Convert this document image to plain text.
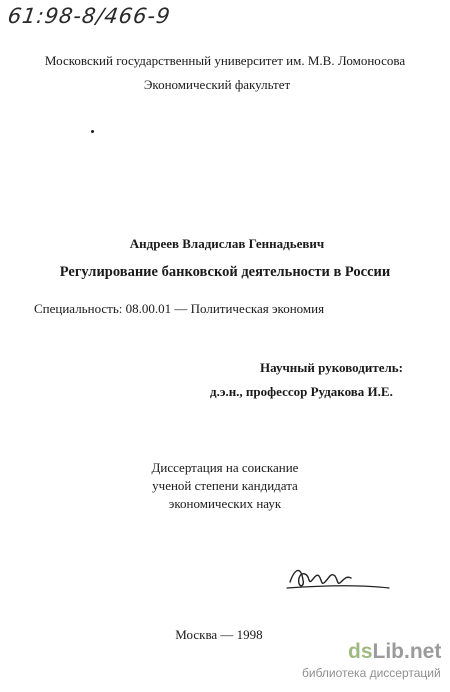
61:98-8/466-9
Московский государственный университет им. М.В. Ломоносова
Экономический факультет
Андреев Владислав Геннадьевич
Регулирование банковской деятельности в России
Специальность: 08.00.01 — Политическая экономия
Научный руководитель:
д.э.н., профессор Рудакова И.Е.
Диссертация на соискание
ученой степени кандидата
экономических наук
Москва — 1998
dsLib.net
библиотека диссертаций
